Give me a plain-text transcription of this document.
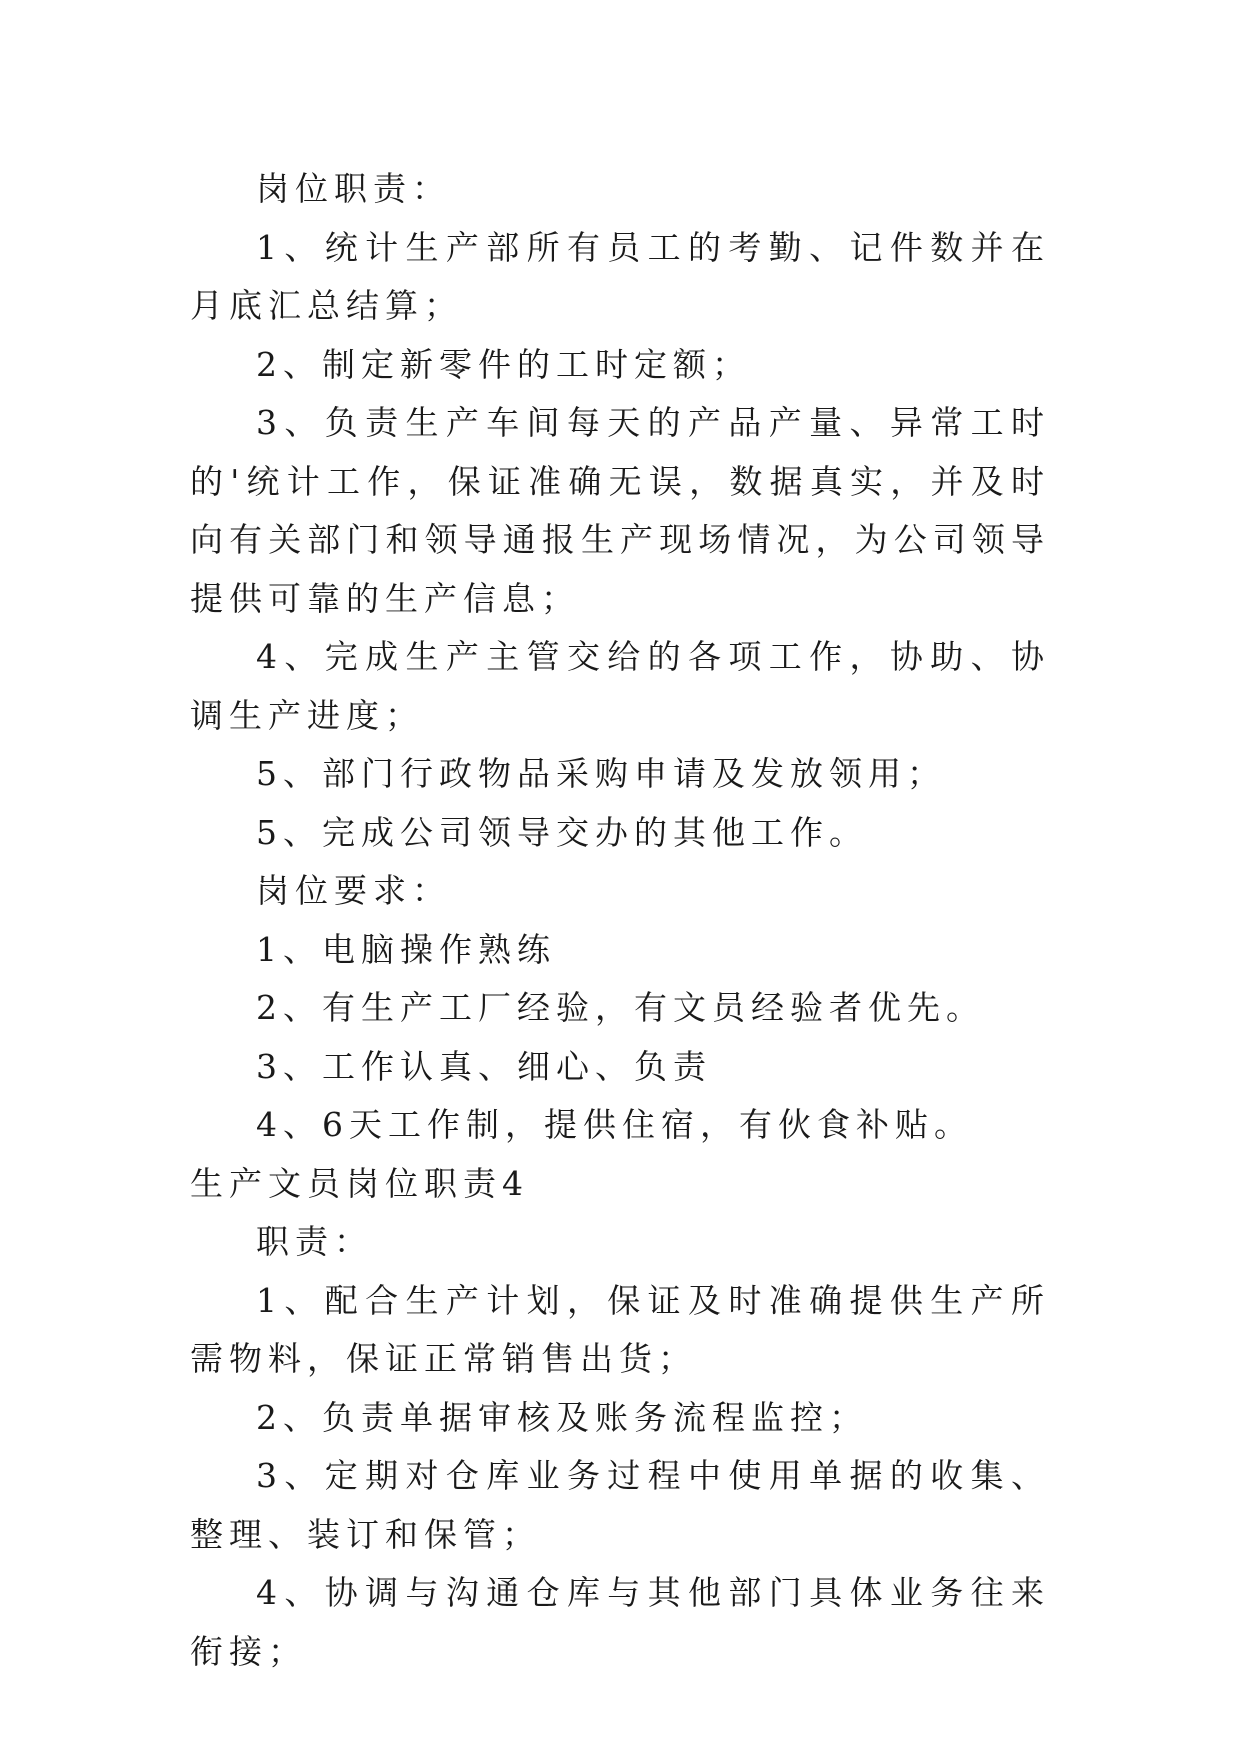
岗位职责：

1、统计生产部所有员工的考勤、记件数并在月底汇总结算；

2、制定新零件的工时定额；

3、负责生产车间每天的产品产量、异常工时的'统计工作，保证准确无误，数据真实，并及时向有关部门和领导通报生产现场情况，为公司领导提供可靠的生产信息；

4、完成生产主管交给的各项工作，协助、协调生产进度；

5、部门行政物品采购申请及发放领用；

5、完成公司领导交办的其他工作。

岗位要求：

1、电脑操作熟练

2、有生产工厂经验，有文员经验者优先。

3、工作认真、细心、负责

4、6天工作制，提供住宿，有伙食补贴。

生产文员岗位职责4

职责：

1、配合生产计划，保证及时准确提供生产所需物料，保证正常销售出货；

2、负责单据审核及账务流程监控；

3、定期对仓库业务过程中使用单据的收集、整理、装订和保管；

4、协调与沟通仓库与其他部门具体业务往来衔接；
